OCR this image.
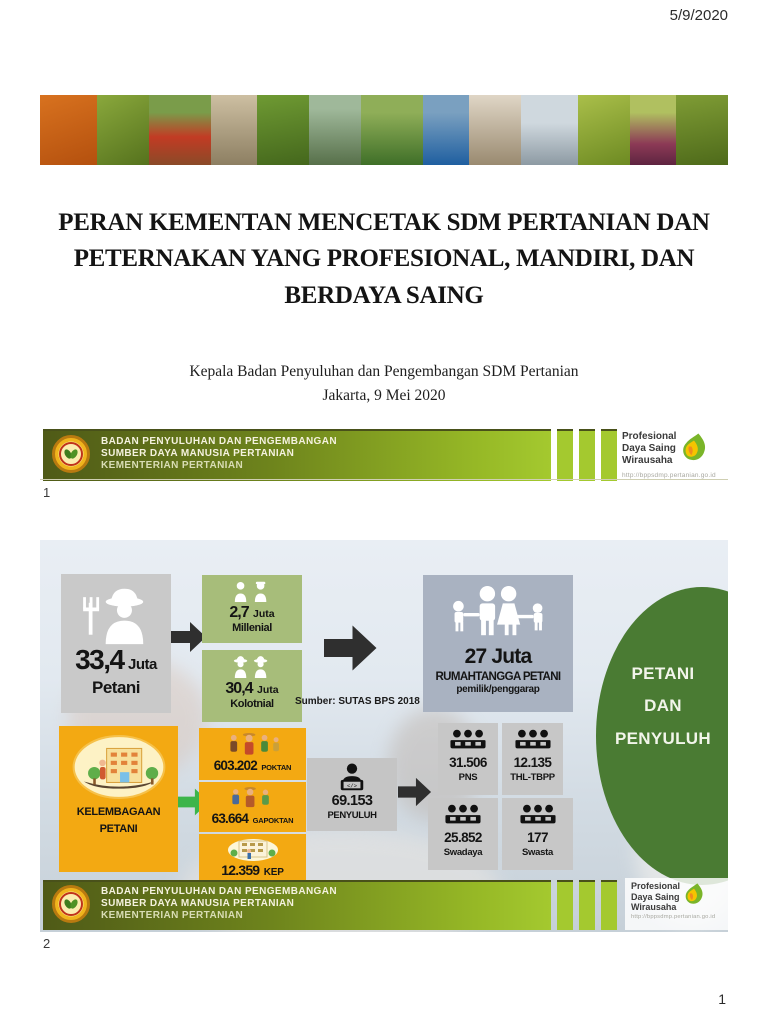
5/9/2020
PERAN KEMENTAN MENCETAK SDM PERTANIAN DAN
PETERNAKAN YANG PROFESIONAL, MANDIRI, DAN
BERDAYA SAING
Kepala Badan Penyuluhan dan Pengembangan SDM Pertanian
Jakarta, 9 Mei 2020
BADAN PENYULUHAN DAN PENGEMBANGAN
SUMBER DAYA MANUSIA PERTANIAN
KEMENTERIAN PERTANIAN
Profesional
Daya Saing
Wirausaha
http://bppsdmp.pertanian.go.id
1
PETANI
DAN
PENYULUH
33,4 Juta
Petani
2,7 Juta
Millenial
30,4 Juta
Kolotnial Sumber: SUTAS BPS 2018
27 Juta
RUMAHTANGGA PETANI
pemilik/penggarap
KELEMBAGAAN
PETANI
603.202 POKTAN
63.664 GAPOKTAN
12.359 KEP
</>
69.153
PENYULUH
31.506
PNS
12.135
THL-TBPP
25.852
Swadaya
177
Swasta
BADAN PENYULUHAN DAN PENGEMBANGAN
SUMBER DAYA MANUSIA PERTANIAN
KEMENTERIAN PERTANIAN
Profesional
Daya Saing
Wirausaha
http://bppsdmp.pertanian.go.id
2
1
